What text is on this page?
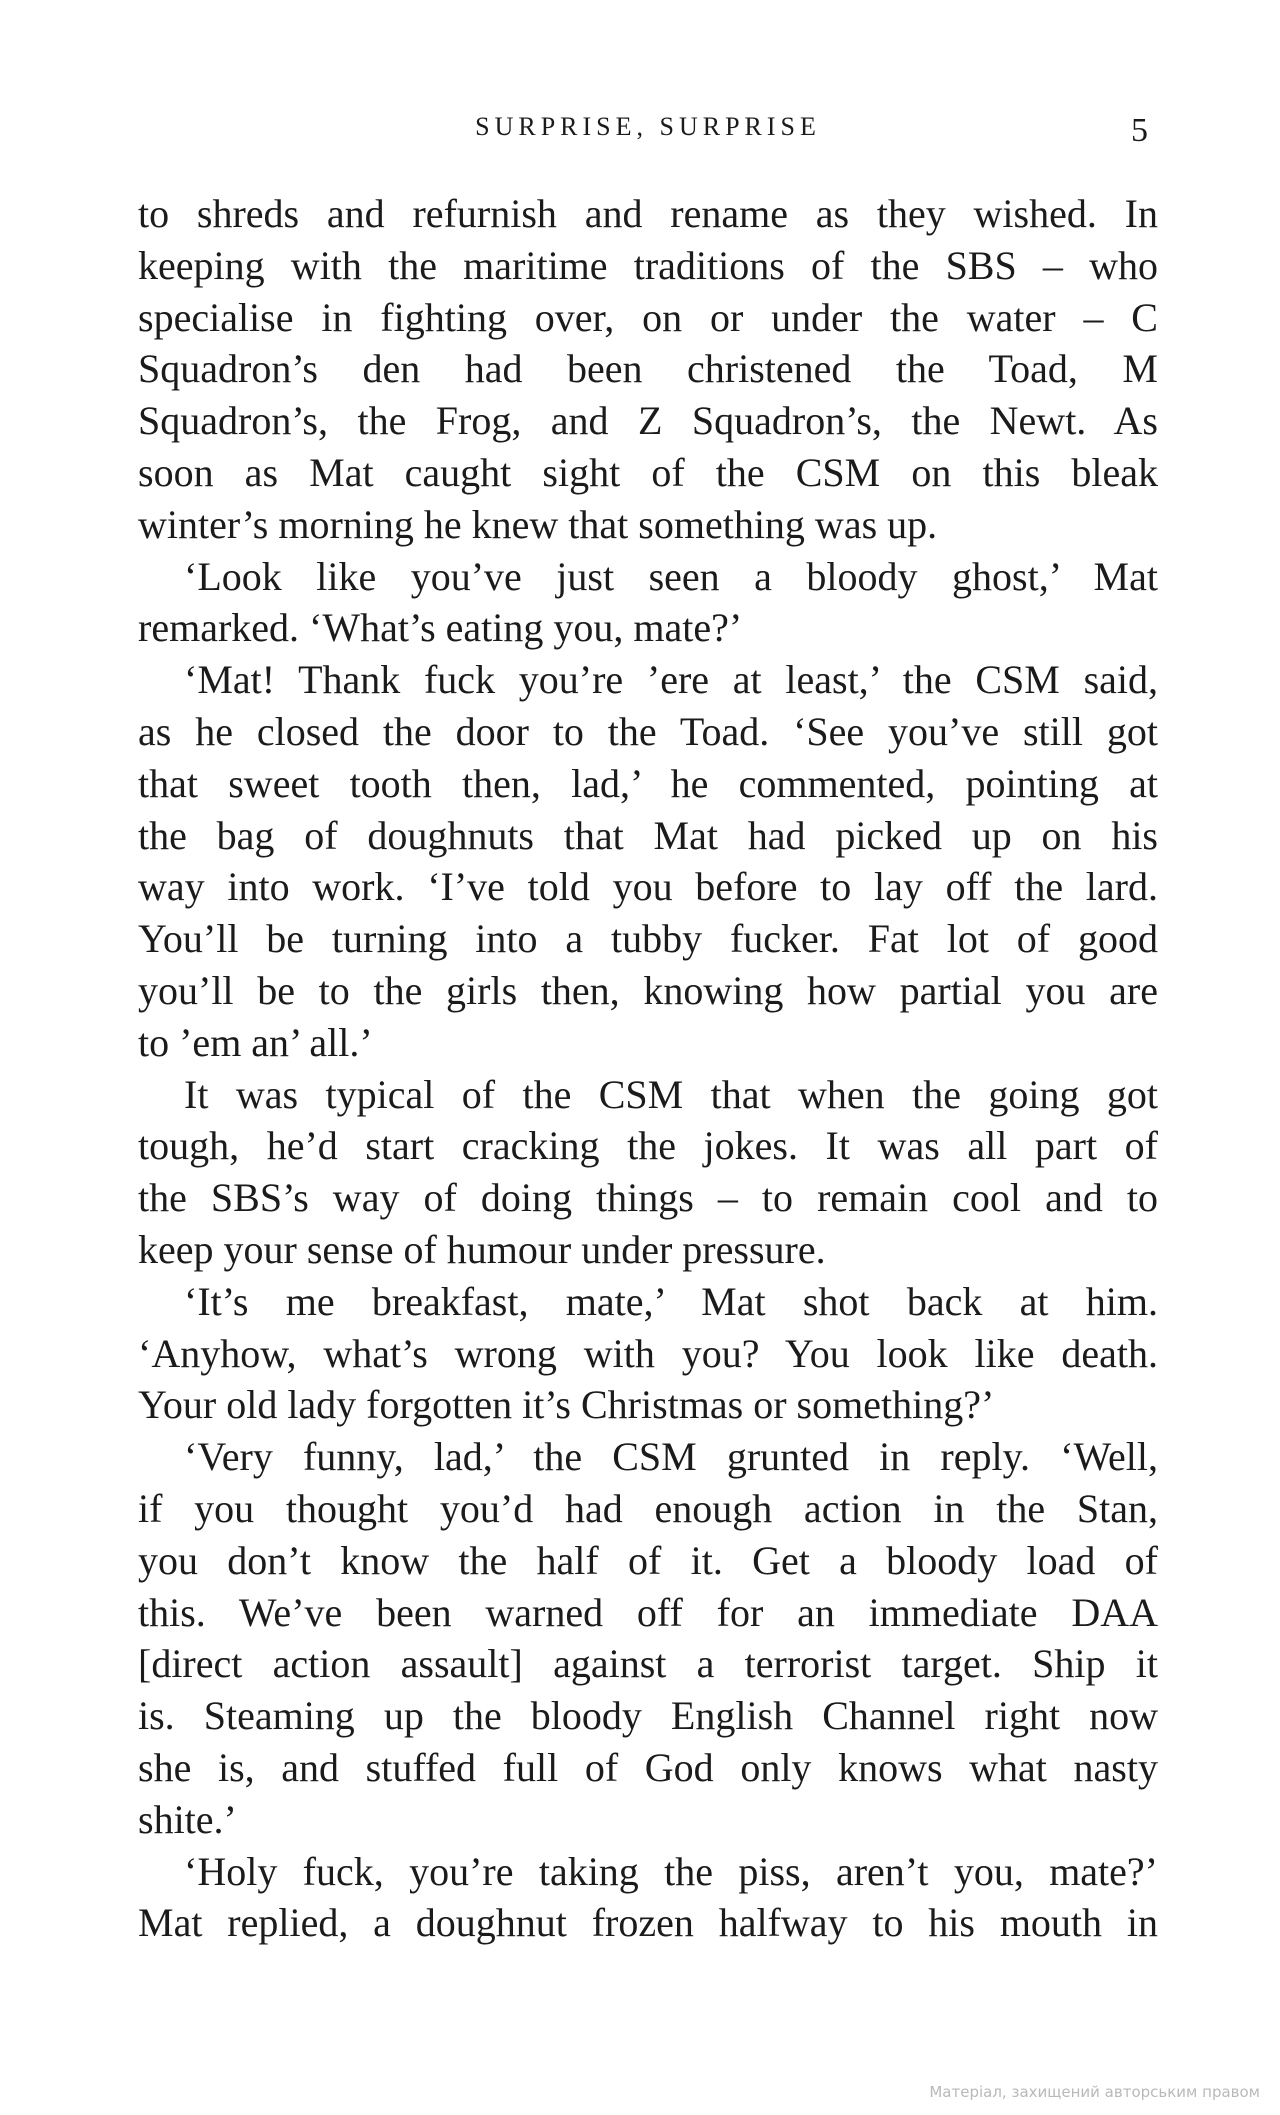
SURPRISE, SURPRISE	5
to shreds and refurnish and rename as they wished. In
keeping with the maritime traditions of the SBS – who
specialise in fighting over, on or under the water – C
Squadron’s den had been christened the Toad, M
Squadron’s, the Frog, and Z Squadron’s, the Newt. As
soon as Mat caught sight of the CSM on this bleak
winter’s morning he knew that something was up.
‘Look like you’ve just seen a bloody ghost,’ Mat
remarked. ‘What’s eating you, mate?’
‘Mat! Thank fuck you’re ’ere at least,’ the CSM said,
as he closed the door to the Toad. ‘See you’ve still got
that sweet tooth then, lad,’ he commented, pointing at
the bag of doughnuts that Mat had picked up on his
way into work. ‘I’ve told you before to lay off the lard.
You’ll be turning into a tubby fucker. Fat lot of good
you’ll be to the girls then, knowing how partial you are
to ’em an’ all.’
It was typical of the CSM that when the going got
tough, he’d start cracking the jokes. It was all part of
the SBS’s way of doing things – to remain cool and to
keep your sense of humour under pressure.
‘It’s me breakfast, mate,’ Mat shot back at him.
‘Anyhow, what’s wrong with you? You look like death.
Your old lady forgotten it’s Christmas or something?’
‘Very funny, lad,’ the CSM grunted in reply. ‘Well,
if you thought you’d had enough action in the Stan,
you don’t know the half of it. Get a bloody load of
this. We’ve been warned off for an immediate DAA
[direct action assault] against a terrorist target. Ship it
is. Steaming up the bloody English Channel right now
she is, and stuffed full of God only knows what nasty
shite.’
‘Holy fuck, you’re taking the piss, aren’t you, mate?’
Mat replied, a doughnut frozen halfway to his mouth in
Матеріал, захищений авторським правом
